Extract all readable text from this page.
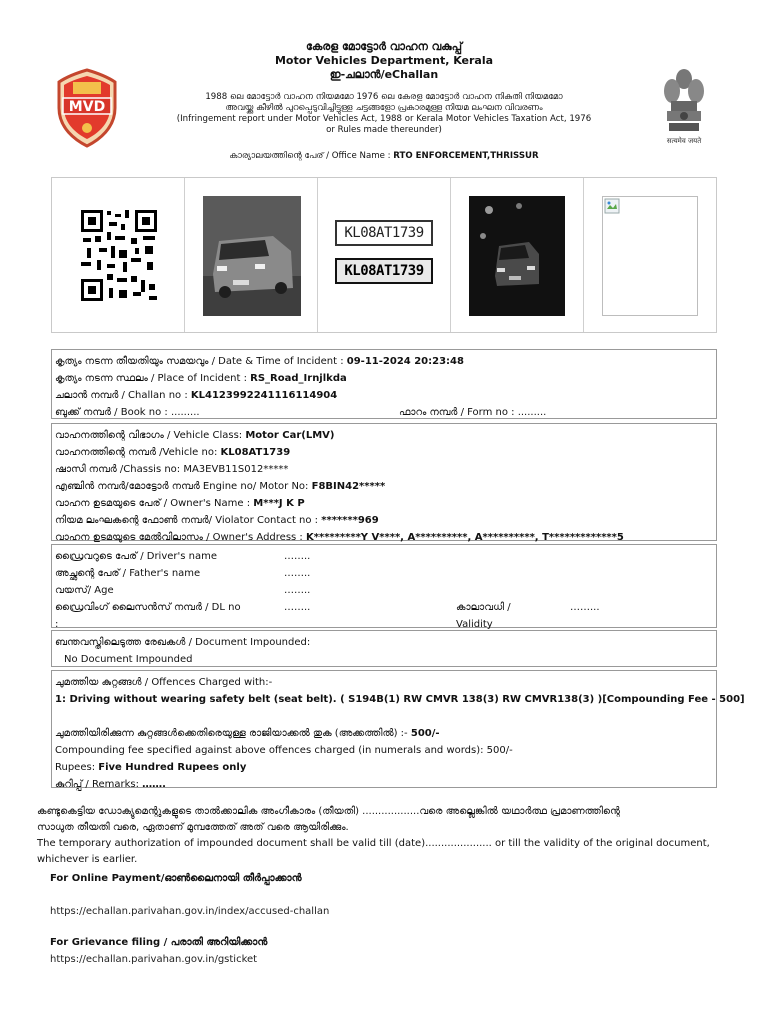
MVD
सत्यमेव जयते
കേരള മോട്ടോർ വാഹന വകുപ്പ്
Motor Vehicles Department, Kerala
ഇ-ചലാൻ/eChallan
1988 ലെ മോട്ടോർ വാഹന നിയമമോ 1976 ലെ കേരള മോട്ടോർ വാഹന നികുതി നിയമമോ
അവയ്ക്കു കീഴിൽ പുറപ്പെടുവിച്ചിട്ടുള്ള ചട്ടങ്ങളോ പ്രകാരമുള്ള നിയമ ലംഘന വിവരണം
(Infringement report under Motor Vehicles Act, 1988 or Kerala Motor Vehicles Taxation Act, 1976 or Rules made thereunder)
കാര്യാലയത്തിന്റെ പേര് / Office Name : RTO ENFORCEMENT,THRISSUR
KL08AT1739
KL08AT1739
കൃത്യം നടന്ന തീയതിയും സമയവും / Date & Time of Incident : 09-11-2024 20:23:48
കൃത്യം നടന്ന സ്ഥലം / Place of Incident : RS_Road_Irnjlkda
ചലാൻ നമ്പർ / Challan no : KL4123992241116114904
ബുക്ക് നമ്പർ / Book no : .........	ഫാറം നമ്പർ / Form no : .........
വാഹനത്തിന്റെ വിഭാഗം / Vehicle Class: Motor Car(LMV)
വാഹനത്തിന്റെ നമ്പർ /Vehicle no: KL08AT1739
ഷാസി നമ്പർ /Chassis no: MA3EVB11S012*****
എഞ്ചിൻ നമ്പർ/മോട്ടോർ നമ്പർ Engine no/ Motor No: F8BIN42*****
വാഹന ഉടമയുടെ പേര് / Owner's Name : M***J K P
നിയമ ലംഘകന്റെ ഫോൺ നമ്പർ/ Violator Contact no : *******969
വാഹന ഉടമയുടെ മേൽവിലാസം / Owner's Address : K*********Y V****, A**********, A**********, T*************5
ഡ്രൈവറുടെ പേര് / Driver's name	……..
അച്ഛന്റെ പേര് / Father's name	……..
വയസ്/ Age	……..
ഡ്രൈവിംഗ് ലൈസൻസ് നമ്പർ / DL no	……..	കാലാവധി /	……...
:	Validity
ബന്തവസ്തിലെടുത്ത രേഖകൾ / Document Impounded:
No Document Impounded
ചുമത്തിയ കുറ്റങ്ങൾ / Offences Charged with:-
1: Driving without wearing safety belt (seat belt). ( S194B(1) RW CMVR 138(3) RW CMVR138(3) )[Compounding Fee - 500]
ചുമത്തിയിരിക്കുന്ന കുറ്റങ്ങൾക്കെതിരെയുള്ള രാജിയാക്കൽ തുക (അക്കത്തിൽ) :- 500/-
Compounding fee specified against above offences charged (in numerals and words): 500/-
Rupees: Five Hundred Rupees only
കുറിപ്പ് / Remarks: …….
കണ്ടുകെട്ടിയ ഡോക്യുമെന്റുകളുടെ താൽക്കാലിക അംഗീകാരം (തീയതി) ..................വരെ അല്ലെങ്കിൽ യഥാർത്ഥ പ്രമാണത്തിന്റെ
സാധുത തീയതി വരെ, ഏതാണ് മുമ്പത്തേത് അത് വരെ ആയിരിക്കും.
The temporary authorization of impounded document shall be valid till (date)..................... or till the validity of the original document,
whichever is earlier.
For Online Payment/ഓൺലൈനായി തീർപ്പാക്കാൻ
https://echallan.parivahan.gov.in/index/accused-challan
For Grievance filing / പരാതി അറിയിക്കാൻ
https://echallan.parivahan.gov.in/gsticket
